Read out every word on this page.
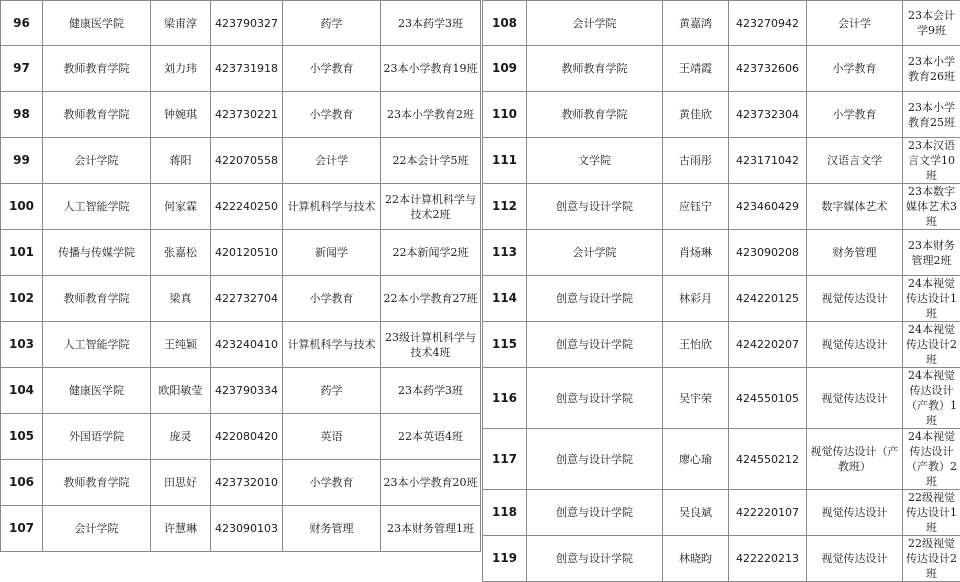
96	健康医学院	梁甫淳	423790327	药学	23本药学3班
97	教师教育学院	刘力玮	423731918	小学教育	23本小学教育19班
98	教师教育学院	钟婉琪	423730221	小学教育	23本小学教育2班
99	会计学院	蒋阳	422070558	会计学	22本会计学5班
100	人工智能学院	何家霖	422240250	计算机科学与技术	22本计算机科学与技术2班
101	传播与传媒学院	张嘉松	420120510	新闻学	22本新闻学2班
102	教师教育学院	梁真	422732704	小学教育	22本小学教育27班
103	人工智能学院	王纯颖	423240410	计算机科学与技术	23级计算机科学与技术4班
104	健康医学院	欧阳敏莹	423790334	药学	23本药学3班
105	外国语学院	庞灵	422080420	英语	22本英语4班
106	教师教育学院	田思好	423732010	小学教育	23本小学教育20班
107	会计学院	许慧琳	423090103	财务管理	23本财务管理1班
108	会计学院	黄嘉鸿	423270942	会计学	23本会计学9班
109	教师教育学院	王靖霞	423732606	小学教育	23本小学教育26班
110	教师教育学院	黄佳欣	423732304	小学教育	23本小学教育25班
111	文学院	古雨彤	423171042	汉语言文学	23本汉语言文学10班
112	创意与设计学院	应钰宁	423460429	数字媒体艺术	23本数字媒体艺术3班
113	会计学院	肖炀琳	423090208	财务管理	23本财务管理2班
114	创意与设计学院	林彩月	424220125	视觉传达设计	24本视觉传达设计1班
115	创意与设计学院	王怡欣	424220207	视觉传达设计	24本视觉传达设计2班
116	创意与设计学院	吴宇荣	424550105	视觉传达设计	24本视觉传达设计（产教）1班
117	创意与设计学院	廖心瑜	424550212	视觉传达设计（产教班）	24本视觉传达设计（产教）2班
118	创意与设计学院	吴良斌	422220107	视觉传达设计	22级视觉传达设计1班
119	创意与设计学院	林晓昀	422220213	视觉传达设计	22级视觉传达设计2班
